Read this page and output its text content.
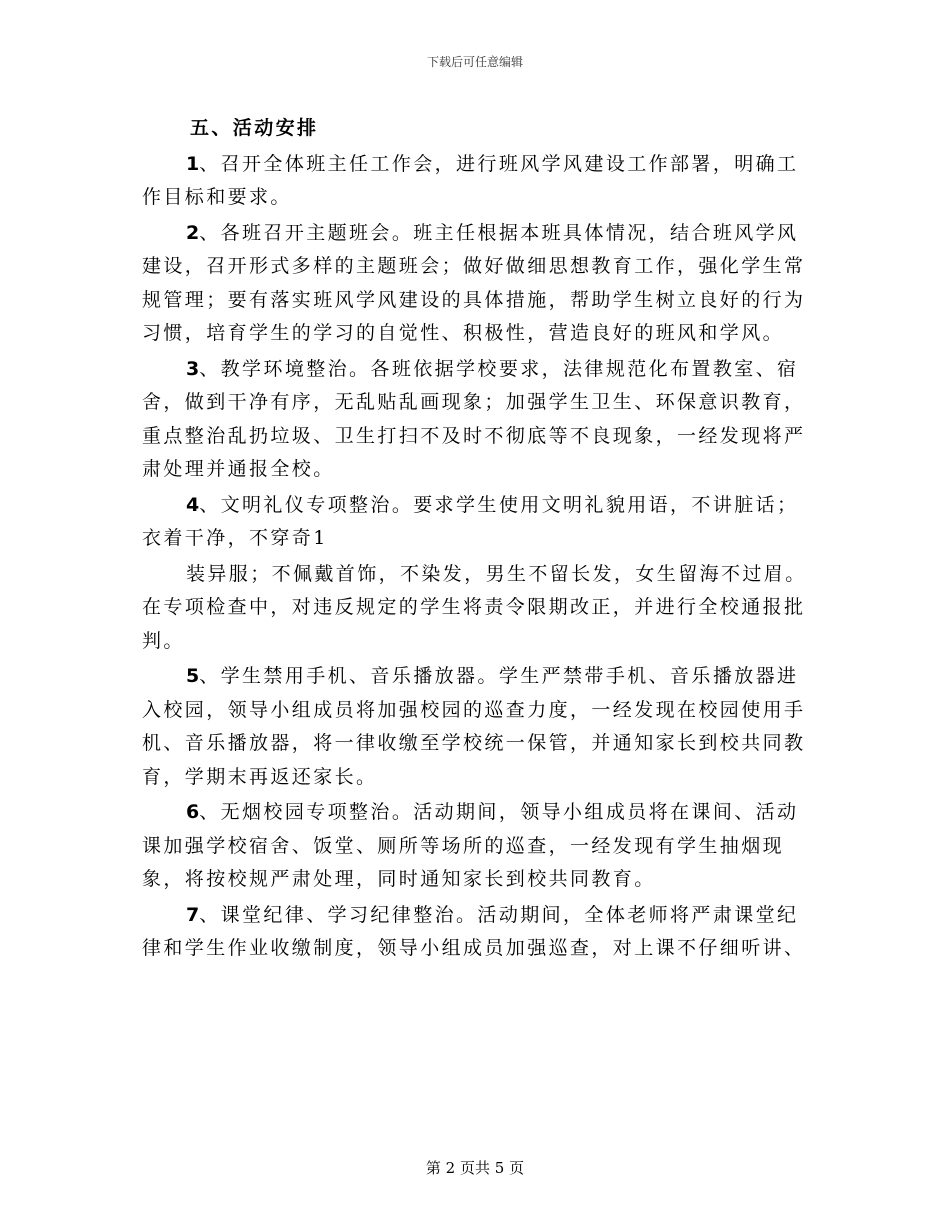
下载后可任意编辑

五、活动安排

1、召开全体班主任工作会，进行班风学风建设工作部署，明确工作目标和要求。

2、各班召开主题班会。班主任根据本班具体情况，结合班风学风建设，召开形式多样的主题班会；做好做细思想教育工作，强化学生常规管理；要有落实班风学风建设的具体措施，帮助学生树立良好的行为习惯，培育学生的学习的自觉性、积极性，营造良好的班风和学风。

3、教学环境整治。各班依据学校要求，法律规范化布置教室、宿舍，做到干净有序，无乱贴乱画现象；加强学生卫生、环保意识教育，重点整治乱扔垃圾、卫生打扫不及时不彻底等不良现象，一经发现将严肃处理并通报全校。

4、文明礼仪专项整治。要求学生使用文明礼貌用语，不讲脏话；衣着干净，不穿奇1

装异服；不佩戴首饰，不染发，男生不留长发，女生留海不过眉。在专项检查中，对违反规定的学生将责令限期改正，并进行全校通报批判。

5、学生禁用手机、音乐播放器。学生严禁带手机、音乐播放器进入校园，领导小组成员将加强校园的巡查力度，一经发现在校园使用手机、音乐播放器，将一律收缴至学校统一保管，并通知家长到校共同教育，学期末再返还家长。

6、无烟校园专项整治。活动期间，领导小组成员将在课间、活动课加强学校宿舍、饭堂、厕所等场所的巡查，一经发现有学生抽烟现象，将按校规严肃处理，同时通知家长到校共同教育。

7、课堂纪律、学习纪律整治。活动期间，全体老师将严肃课堂纪律和学生作业收缴制度，领导小组成员加强巡查，对上课不仔细听讲、

第 2 页共 5 页
